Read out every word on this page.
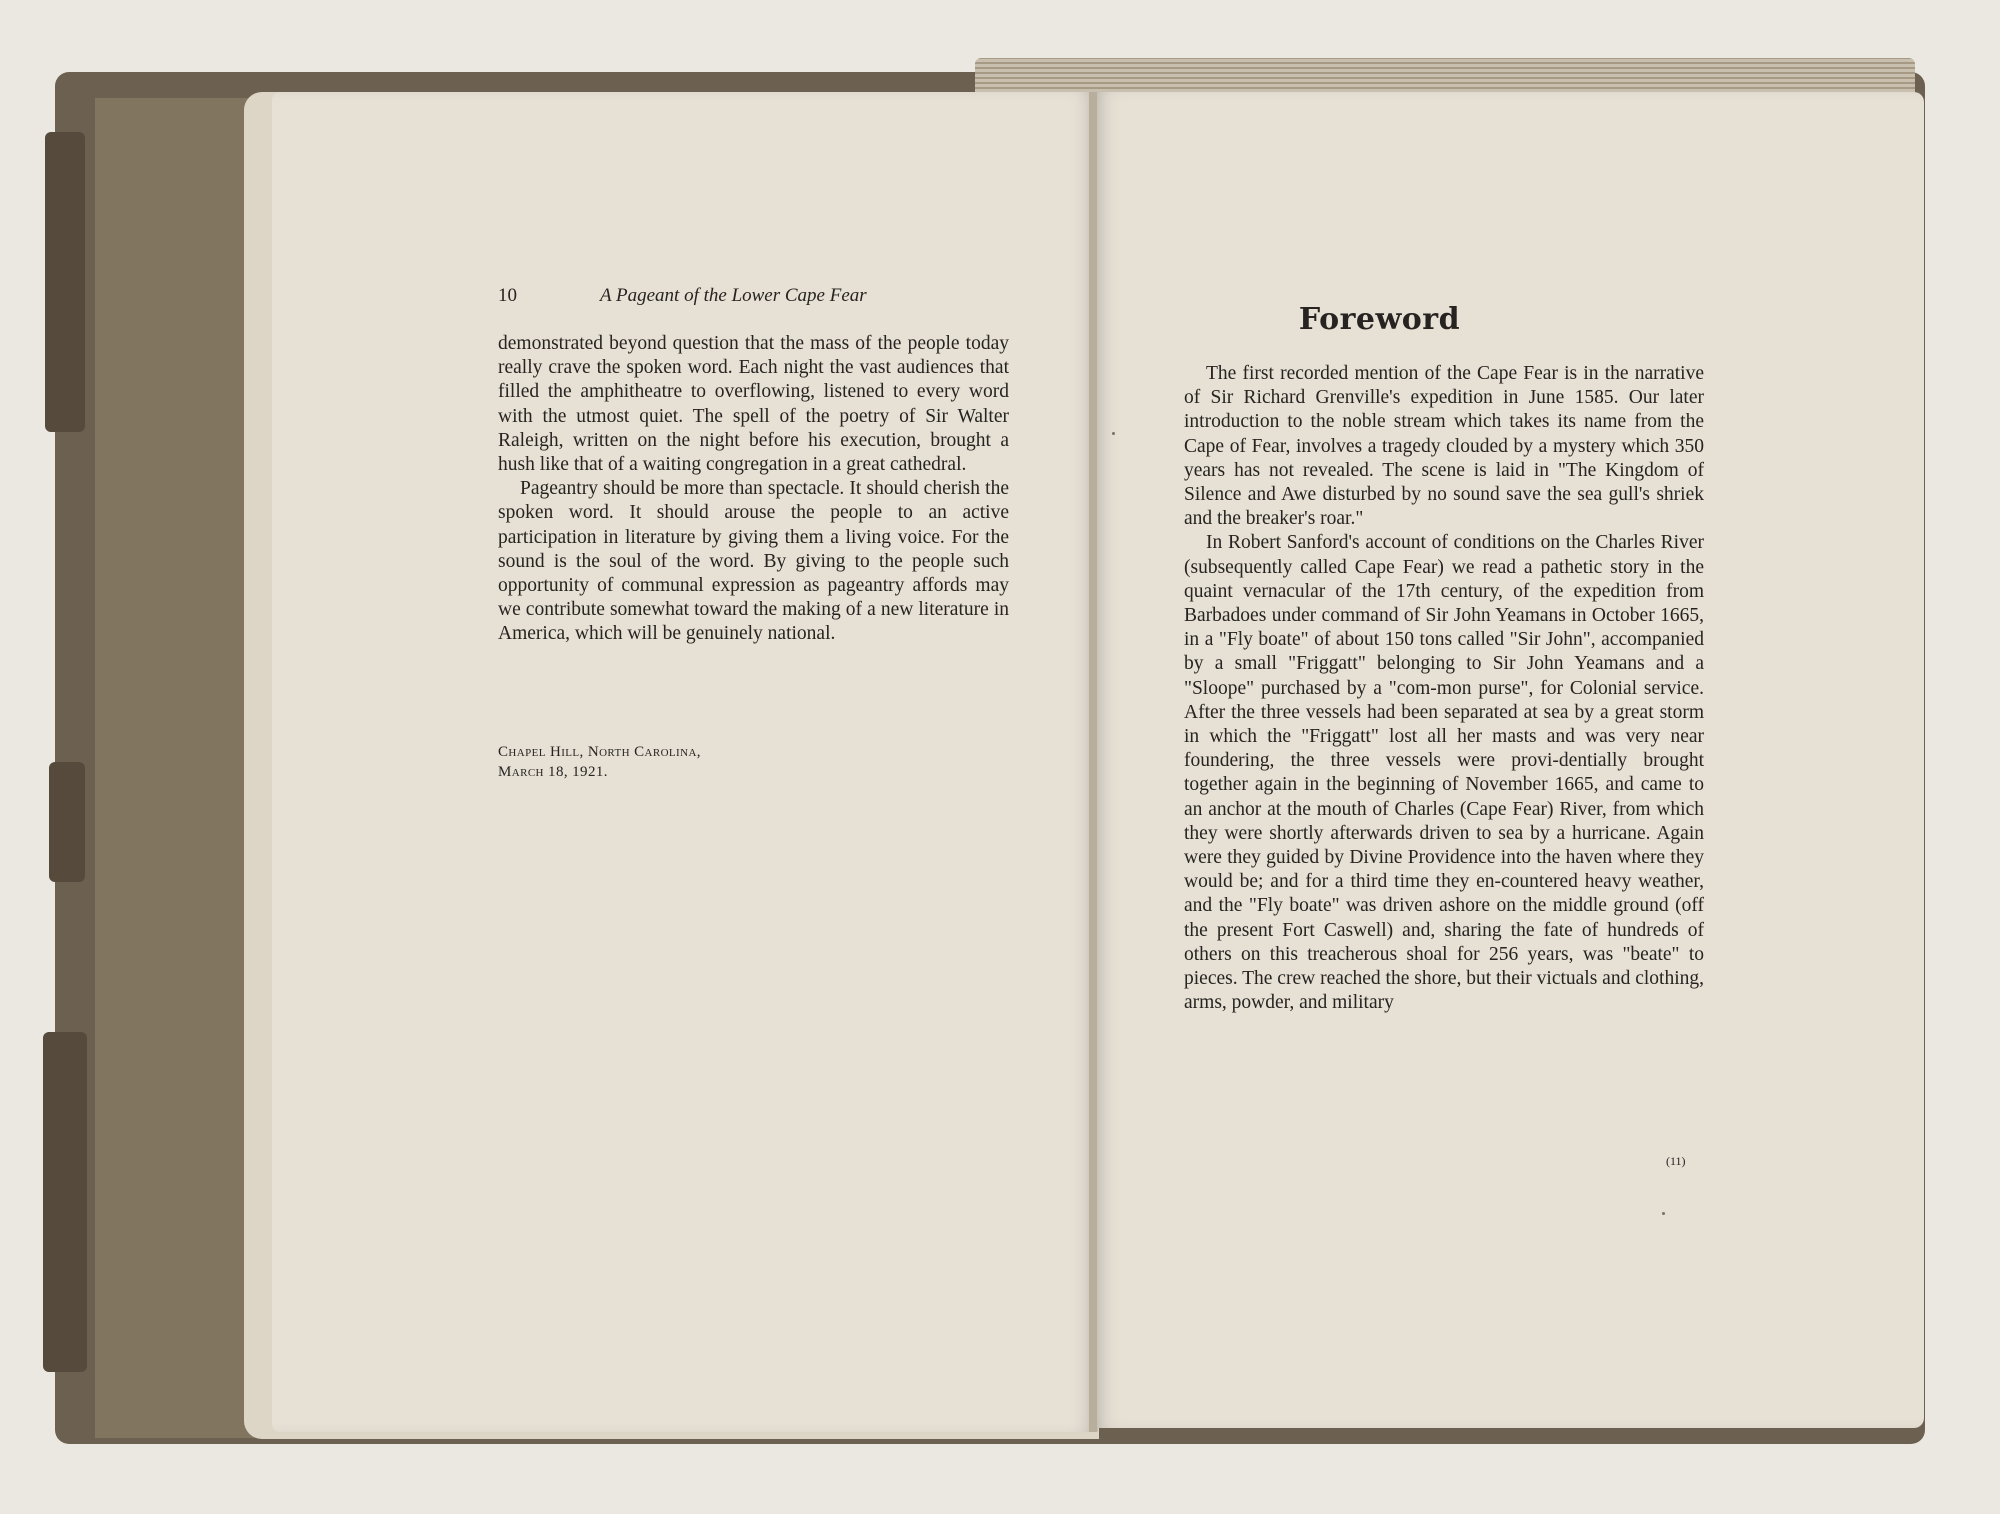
10	A Pageant of the Lower Cape Fear

demonstrated beyond question that the mass of the people today really crave the spoken word. Each night the vast audiences that filled the amphitheatre to overflowing, listened to every word with the utmost quiet. The spell of the poetry of Sir Walter Raleigh, written on the night before his execution, brought a hush like that of a waiting congregation in a great cathedral.

Pageantry should be more than spectacle. It should cherish the spoken word. It should arouse the people to an active participation in literature by giving them a living voice. For the sound is the soul of the word. By giving to the people such opportunity of communal expression as pageantry affords may we contribute somewhat toward the making of a new literature in America, which will be genuinely national.

Chapel Hill, North Carolina,
March 18, 1921.
Foreword

The first recorded mention of the Cape Fear is in the narrative of Sir Richard Grenville's expedition in June 1585. Our later introduction to the noble stream which takes its name from the Cape of Fear, involves a tragedy clouded by a mystery which 350 years has not revealed. The scene is laid in "The Kingdom of Silence and Awe disturbed by no sound save the sea gull's shriek and the breaker's roar."

In Robert Sanford's account of conditions on the Charles River (subsequently called Cape Fear) we read a pathetic story in the quaint vernacular of the 17th century, of the expedition from Barbadoes under command of Sir John Yeamans in October 1665, in a "Fly boate" of about 150 tons called "Sir John", accompanied by a small "Friggatt" belonging to Sir John Yeamans and a "Sloope" purchased by a "com-mon purse", for Colonial service. After the three vessels had been separated at sea by a great storm in which the "Friggatt" lost all her masts and was very near foundering, the three vessels were provi-dentially brought together again in the beginning of November 1665, and came to an anchor at the mouth of Charles (Cape Fear) River, from which they were shortly afterwards driven to sea by a hurricane. Again were they guided by Divine Providence into the haven where they would be; and for a third time they en-countered heavy weather, and the "Fly boate" was driven ashore on the middle ground (off the present Fort Caswell) and, sharing the fate of hundreds of others on this treacherous shoal for 256 years, was "beate" to pieces. The crew reached the shore, but their victuals and clothing, arms, powder, and military

(11)
